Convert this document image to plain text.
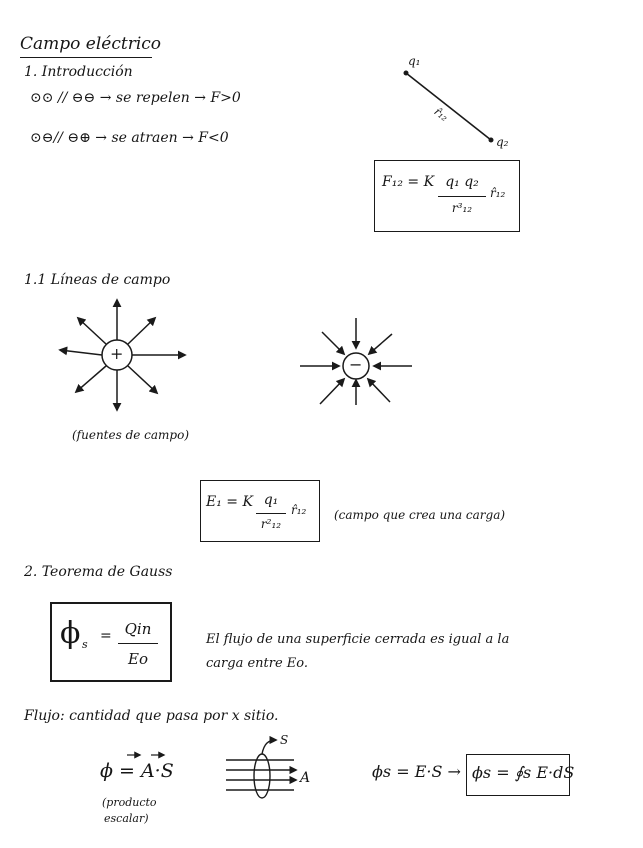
Campo eléctrico
1. Introducción
⊙⊙ // ⊖⊖ → se repelen → F>0
⊙⊖// ⊖⊕ → se atraen → F<0
q₁
q₂
r̂₁₂
F₁₂ = K q₁ q₂
r³₁₂
r̂₁₂
1.1 Líneas de campo
+
−
(fuentes de campo)
E₁ = K q₁
r²₁₂
r̂₁₂ (campo que crea una carga)
2. Teorema de Gauss
ϕ s
= Qin
Eo
El flujo de una superficie cerrada es igual a la
carga entre Eo.
Flujo: cantidad que pasa por x sitio.
ϕ = A·S
(producto
escalar)
S
A	ϕs = E·S → ϕs = ∮s E·dS
